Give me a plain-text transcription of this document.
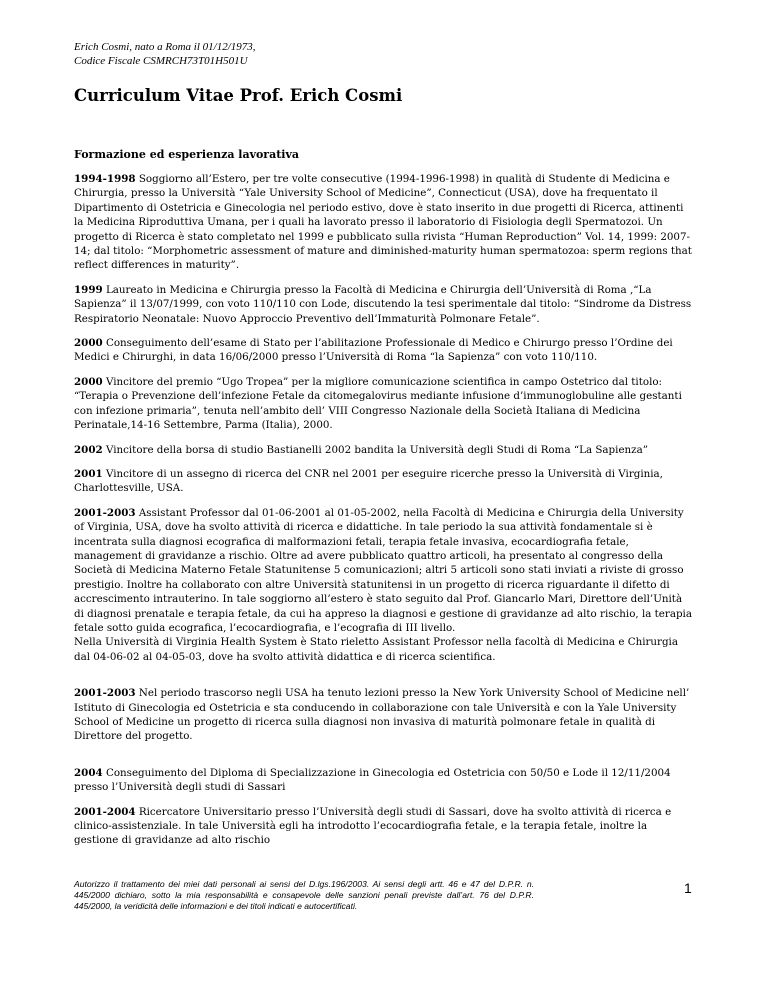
Erich Cosmi, nato a Roma il 01/12/1973,
Codice Fiscale CSMRCH73T01H501U
Curriculum Vitae Prof. Erich Cosmi
Formazione ed esperienza lavorativa

1994-1998 Soggiorno all’Estero, per tre volte consecutive (1994-1996-1998) in qualità di Studente di Medicina e Chirurgia, presso la Università “Yale University School of Medicine”, Connecticut (USA), dove ha frequentato il Dipartimento di Ostetricia e Ginecologia nel periodo estivo, dove è stato inserito in due progetti di Ricerca, attinenti la Medicina Riproduttiva Umana, per i quali ha lavorato presso il laboratorio di Fisiologia degli Spermatozoi. Un progetto di Ricerca è stato completato nel 1999 e pubblicato sulla rivista “Human Reproduction” Vol. 14, 1999: 2007-14; dal titolo: “Morphometric assessment of mature and diminished-maturity human spermatozoa: sperm regions that reflect differences in maturity”.

1999 Laureato in Medicina e Chirurgia presso la Facoltà di Medicina e Chirurgia dell’Università di Roma ,“La Sapienza” il 13/07/1999, con voto 110/110 con Lode, discutendo la tesi sperimentale dal titolo: “Sindrome da Distress Respiratorio Neonatale: Nuovo Approccio Preventivo dell’Immaturità Polmonare Fetale”.

2000 Conseguimento dell’esame di Stato per l’abilitazione Professionale di Medico e Chirurgo presso l’Ordine dei Medici e Chirurghi, in data 16/06/2000 presso l’Università di Roma “la Sapienza” con voto 110/110.

2000 Vincitore del premio “Ugo Tropea” per la migliore comunicazione scientifica in campo Ostetrico dal titolo: “Terapia o Prevenzione dell’infezione Fetale da citomegalovirus mediante infusione d’immunoglobuline alle gestanti con infezione primaria”, tenuta nell’ambito dell’ VIII Congresso Nazionale della Società Italiana di Medicina Perinatale,14-16 Settembre, Parma (Italia), 2000.

2002 Vincitore della borsa di studio Bastianelli 2002 bandita la Università degli Studi di Roma “La Sapienza”

2001 Vincitore di un assegno di ricerca del CNR nel 2001 per eseguire ricerche presso la Università di Virginia, Charlottesville, USA.

2001-2003 Assistant Professor dal 01-06-2001 al 01-05-2002, nella Facoltà di Medicina e Chirurgia della University of Virginia, USA, dove ha svolto attività di ricerca e didattiche. In tale periodo la sua attività fondamentale si è incentrata sulla diagnosi ecografica di malformazioni fetali, terapia fetale invasiva, ecocardiografia fetale, management di gravidanze a rischio. Oltre ad avere pubblicato quattro articoli, ha presentato al congresso della Società di Medicina Materno Fetale Statunitense 5 comunicazioni; altri 5 articoli sono stati inviati a riviste di grosso prestigio. Inoltre ha collaborato con altre Università statunitensi in un progetto di ricerca riguardante il difetto di accrescimento intrauterino. In tale soggiorno all’estero è stato seguito dal Prof. Giancarlo Mari, Direttore dell’Unità di diagnosi prenatale e terapia fetale, da cui ha appreso la diagnosi e gestione di gravidanze ad alto rischio, la terapia fetale sotto guida ecografica, l’ecocardiografia, e l’ecografia di III livello.
Nella Università di Virginia Health System è Stato rieletto Assistant Professor nella facoltà di Medicina e Chirurgia dal 04-06-02 al 04-05-03, dove ha svolto attività didattica e di ricerca scientifica.

2001-2003 Nel periodo trascorso negli USA ha tenuto lezioni presso la New York University School of Medicine nell’ Istituto di Ginecologia ed Ostetricia e sta conducendo in collaborazione con tale Università e con la Yale University School of Medicine un progetto di ricerca sulla diagnosi non invasiva di maturità polmonare fetale in qualità di Direttore del progetto.

2004 Conseguimento del Diploma di Specializzazione in Ginecologia ed Ostetricia con 50/50 e Lode il 12/11/2004 presso l’Università degli studi di Sassari

2001-2004 Ricercatore Universitario presso l’Università degli studi di Sassari, dove ha svolto attività di ricerca e clinico-assistenziale. In tale Università egli ha introdotto l’ecocardiografia fetale, e la terapia fetale, inoltre la gestione di gravidanze ad alto rischio

Autorizzo il trattamento dei miei dati personali ai sensi del D.lgs.196/2003. Ai sensi degli artt. 46 e 47 del D.P.R. n. 445/2000 dichiaro, sotto la mia responsabilità e consapevole delle sanzioni penali previste dall’art. 76 del D.P.R. 445/2000, la veridicità delle informazioni e dei titoli indicati e autocertificati.
1
